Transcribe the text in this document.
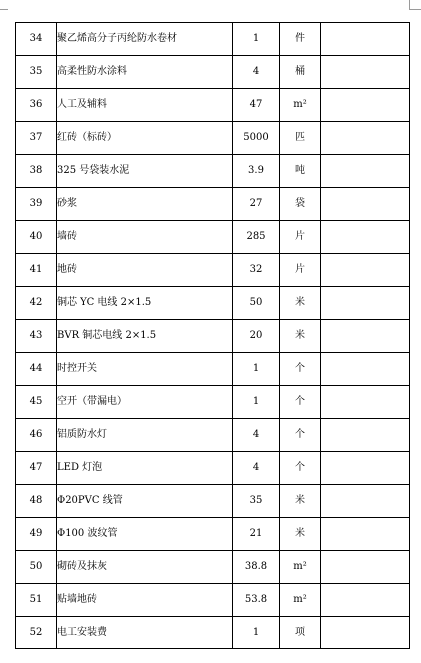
34	聚乙烯高分子丙纶防水卷材	1	件	
35	高柔性防水涂料	4	桶	
36	人工及辅料	47	m²	
37	红砖（标砖）	5000	匹	
38	325 号袋装水泥	3.9	吨	
39	砂浆	27	袋	
40	墙砖	285	片	
41	地砖	32	片	
42	铜芯 YC 电线 2×1.5	50	米	
43	BVR 铜芯电线 2×1.5	20	米	
44	时控开关	1	个	
45	空开（带漏电）	1	个	
46	铝质防水灯	4	个	
47	LED 灯泡	4	个	
48	Φ20PVC 线管	35	米	
49	Φ100 波纹管	21	米	
50	砌砖及抹灰	38.8	m²	
51	贴墙地砖	53.8	m²	
52	电工安装费	1	项	
